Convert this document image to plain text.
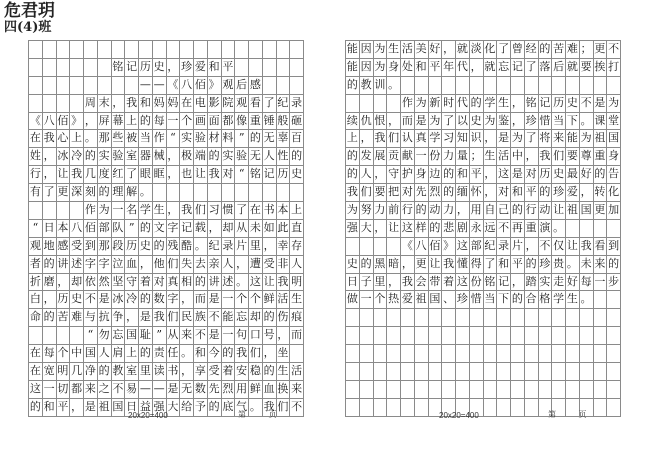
危君玥
四(4)班
铭 记 历 史 ， 珍 爱 和 平
— — 《 八 佰 》 观 后 感
周 末 ， 我 和 妈 妈 在 电 影 院 观 看 了 纪 录
《 八 佰 》 ， 屏 幕 上 的 每 一 个 画 面 都 像 重 锤 般 砸
在 我 心 上 。 那 些 被 当 作 “ 实 验 材 料 ” 的 无 辜 百
姓 ， 冰 冷 的 实 验 室 器 械 ， 极 端 的 实 验 无 人 性 的
行 ， 让 我 几 度 红 了 眼 眶 ， 也 让 我 对 “ 铭 记 历 史
有 了 更 深 刻 的 理 解 。
作 为 一 名 学 生 ， 我 们 习 惯 了 在 书 本 上
“ 日 本 八 佰 部 队 ” 的 文 字 记 载 ， 却 从 未 如 此 直
观 地 感 受 到 那 段 历 史 的 残 酷 。 纪 录 片 里 ， 幸 存
者 的 讲 述 字 字 泣 血 ， 他 们 失 去 亲 人 ， 遭 受 非 人
折 磨 ， 却 依 然 坚 守 着 对 真 相 的 讲 述 。 这 让 我 明
白 ， 历 史 不 是 冰 冷 的 数 字 ， 而 是 一 个 个 鲜 活 生
命 的 苦 难 与 抗 争 ， 是 我 们 民 族 不 能 忘 却 的 伤 痕
“ 勿 忘 国 耻 ” 从 来 不 是 一 句 口 号 ， 而
在 每 个 中 国 人 肩 上 的 责 任 。 和 今 的 我 们 ， 坐
在 宽 明 几 净 的 教 室 里 读 书 ， 享 受 着 安 稳 的 生 活
这 一 切 都 来 之 不 易 — — 是 无 数 先 烈 用 鲜 血 换 来
的 和 平 ， 是 祖 国 日 益 强 大 给 予 的 底 气 。 我 们 不
能 因 为 生 活 美 好 ， 就 淡 化 了 曾 经 的 苦 难 ； 更 不
能 因 为 身 处 和 平 年 代 ， 就 忘 记 了 落 后 就 要 挨 打
的 教 训 。
作 为 新 时 代 的 学 生 ， 铭 记 历 史 不 是 为
续 仇 恨 ， 而 是 为 了 以 史 为 鉴 ， 珍 惜 当 下 。 课 堂
上 ， 我 们 认 真 学 习 知 识 ， 是 为 了 将 来 能 为 祖 国
的 发 展 贡 献 一 份 力 量 ； 生 活 中 ， 我 们 要 尊 重 身
的 人 ， 守 护 身 边 的 和 平 ， 这 是 对 历 史 最 好 的 告
我 们 要 把 对 先 烈 的 缅 怀 ， 对 和 平 的 珍 爱 ， 转 化
为 努 力 前 行 的 动 力 ， 用 自 己 的 行 动 让 祖 国 更 加
强 大 ， 让 这 样 的 悲 剧 永 远 不 再 重 演 。
《 八 佰 》 这 部 纪 录 片 ， 不 仅 让 我 看 到
史 的 黑 暗 ， 更 让 我 懂 得 了 和 平 的 珍 贵 。 未 来 的
日 子 里 ， 我 会 带 着 这 份 铭 记 ， 踏 实 走 好 每 一 步
做 一 个 热 爱 祖 国 、 珍 惜 当 下 的 合 格 学 生 。
20x20=400	第 页	20x20=400	第 页
